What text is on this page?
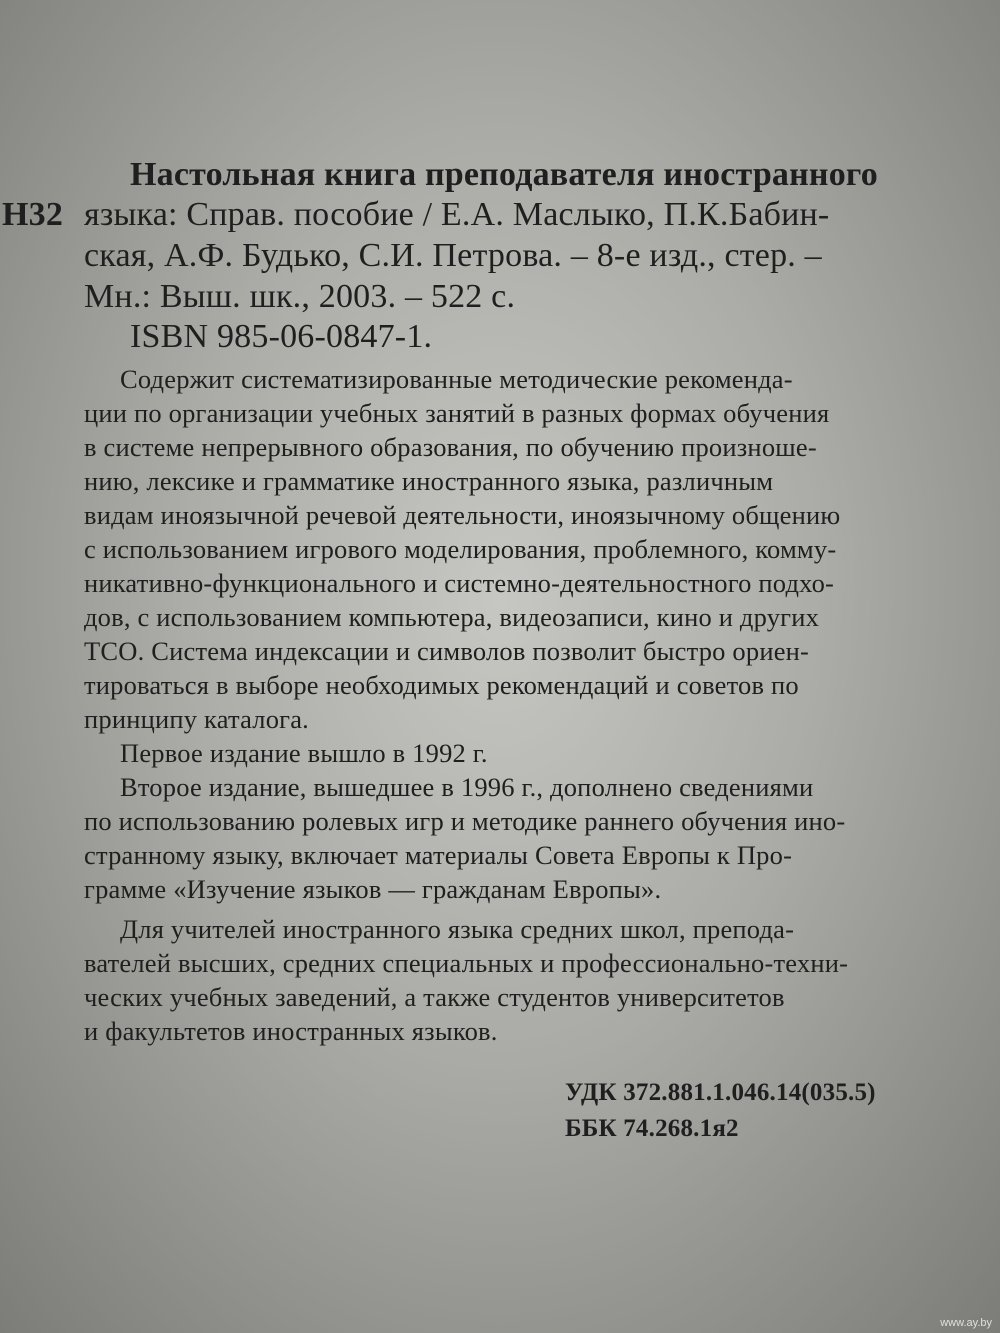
Н32
Настольная книга преподавателя иностранного
языка: Справ. пособие / Е.А. Маслыко, П.К.Бабин-
ская, А.Ф. Будько, С.И. Петрова. – 8-е изд., стер. –
Мн.: Выш. шк., 2003. – 522 с.
ISBN 985-06-0847-1.
Содержит систематизированные методические рекоменда-
ции по организации учебных занятий в разных формах обучения
в системе непрерывного образования, по обучению произноше-
нию, лексике и грамматике иностранного языка, различным
видам иноязычной речевой деятельности, иноязычному общению
с использованием игрового моделирования, проблемного, комму-
никативно-функционального и системно-деятельностного подхо-
дов, с использованием компьютера, видеозаписи, кино и других
ТСО. Система индексации и символов позволит быстро ориен-
тироваться в выборе необходимых рекомендаций и советов по
принципу каталога.
Первое издание вышло в 1992 г.
Второе издание, вышедшее в 1996 г., дополнено сведениями
по использованию ролевых игр и методике раннего обучения ино-
странному языку, включает материалы Совета Европы к Про-
грамме «Изучение языков — гражданам Европы».
Для учителей иностранного языка средних школ, препода-
вателей высших, средних специальных и профессионально-техни-
ческих учебных заведений, а также студентов университетов
и факультетов иностранных языков.
УДК 372.881.1.046.14(035.5)
ББК 74.268.1я2
www.ay.by
